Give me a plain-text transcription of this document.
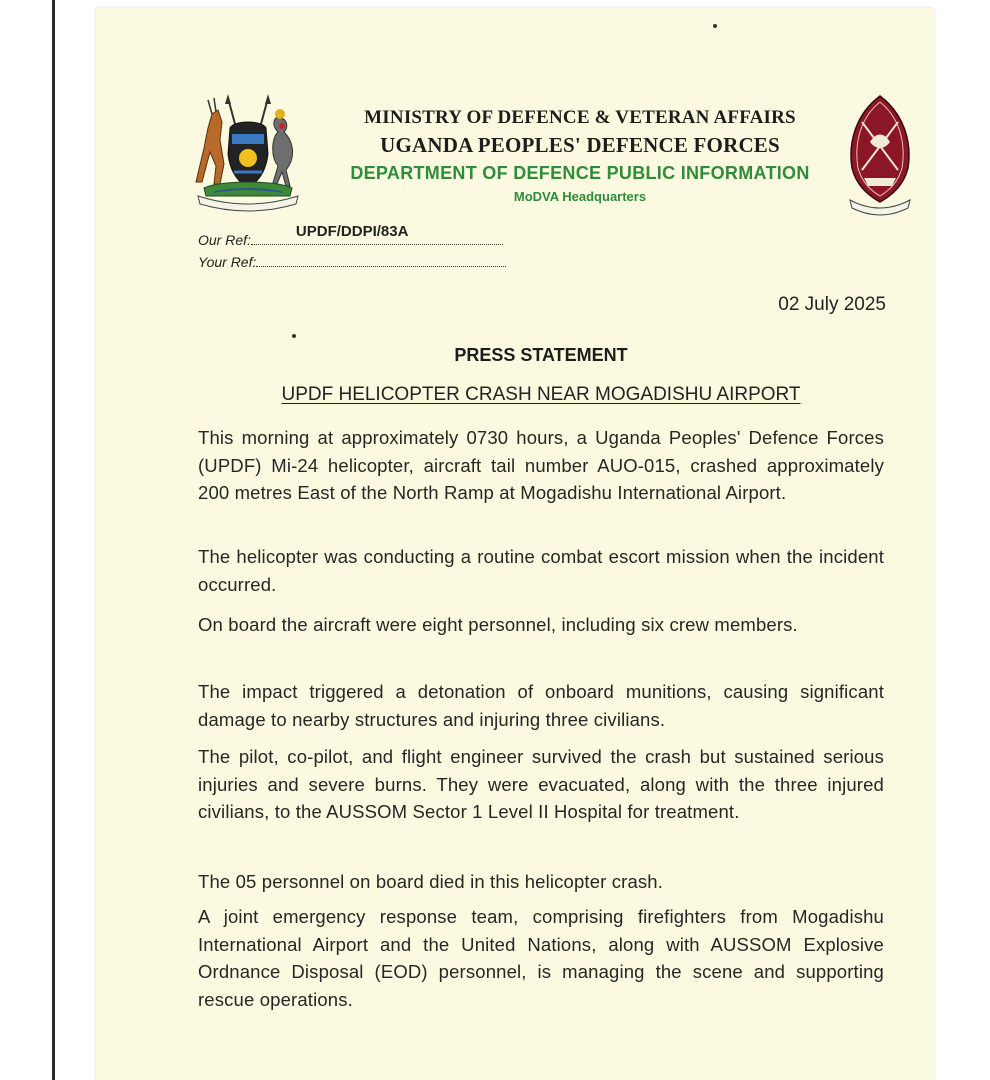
MINISTRY OF DEFENCE & VETERAN AFFAIRS
UGANDA PEOPLES' DEFENCE FORCES
DEPARTMENT OF DEFENCE PUBLIC INFORMATION
MoDVA Headquarters
Our Ref:	UPDF/DDPI/83A
Your Ref:
02 July 2025
PRESS STATEMENT
UPDF HELICOPTER CRASH NEAR MOGADISHU AIRPORT
This morning at approximately 0730 hours, a Uganda Peoples' Defence Forces (UPDF) Mi-24 helicopter, aircraft tail number AUO-015, crashed approximately 200 metres East of the North Ramp at Mogadishu International Airport.
The helicopter was conducting a routine combat escort mission when the incident occurred.
On board the aircraft were eight personnel, including six crew members.
The impact triggered a detonation of onboard munitions, causing significant damage to nearby structures and injuring three civilians.
The pilot, co-pilot, and flight engineer survived the crash but sustained serious injuries and severe burns. They were evacuated, along with the three injured civilians, to the AUSSOM Sector 1 Level II Hospital for treatment.
The 05 personnel on board died in this helicopter crash.
A joint emergency response team, comprising firefighters from Mogadishu International Airport and the United Nations, along with AUSSOM Explosive Ordnance Disposal (EOD) personnel, is managing the scene and supporting rescue operations.
